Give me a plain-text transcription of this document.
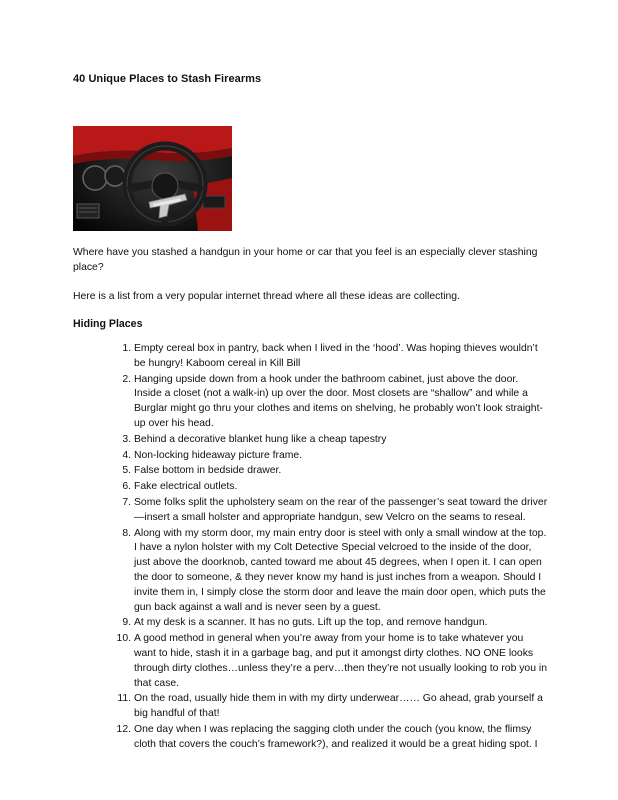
40 Unique Places to Stash Firearms
Where have you stashed a handgun in your home or car that you feel is an especially clever stashing place?
Here is a list from a very popular internet thread where all these ideas are collecting.
Hiding Places
1. Empty cereal box in pantry, back when I lived in the ‘hood’. Was hoping thieves wouldn’t be hungry! Kaboom cereal in Kill Bill
2. Hanging upside down from a hook under the bathroom cabinet, just above the door. Inside a closet (not a walk-in) up over the door. Most closets are “shallow” and while a Burglar might go thru your clothes and items on shelving, he probably won’t look straight-up over his head.
3. Behind a decorative blanket hung like a cheap tapestry
4. Non-locking hideaway picture frame.
5. False bottom in bedside drawer.
6. Fake electrical outlets.
7. Some folks split the upholstery seam on the rear of the passenger’s seat toward the driver—insert a small holster and appropriate handgun, sew Velcro on the seams to reseal.
8. Along with my storm door, my main entry door is steel with only a small window at the top. I have a nylon holster with my Colt Detective Special velcroed to the inside of the door, just above the doorknob, canted toward me about 45 degrees, when I open it. I can open the door to someone, & they never know my hand is just inches from a weapon. Should I invite them in, I simply close the storm door and leave the main door open, which puts the gun back against a wall and is never seen by a guest.
9. At my desk is a scanner. It has no guts. Lift up the top, and remove handgun.
10. A good method in general when you’re away from your home is to take whatever you want to hide, stash it in a garbage bag, and put it amongst dirty clothes. NO ONE looks through dirty clothes…unless they’re a perv…then they’re not usually looking to rob you in that case.
11. On the road, usually hide them in with my dirty underwear…… Go ahead, grab yourself a big handful of that!
12. One day when I was replacing the sagging cloth under the couch (you know, the flimsy cloth that covers the couch’s framework?), and realized it would be a great hiding spot. I
